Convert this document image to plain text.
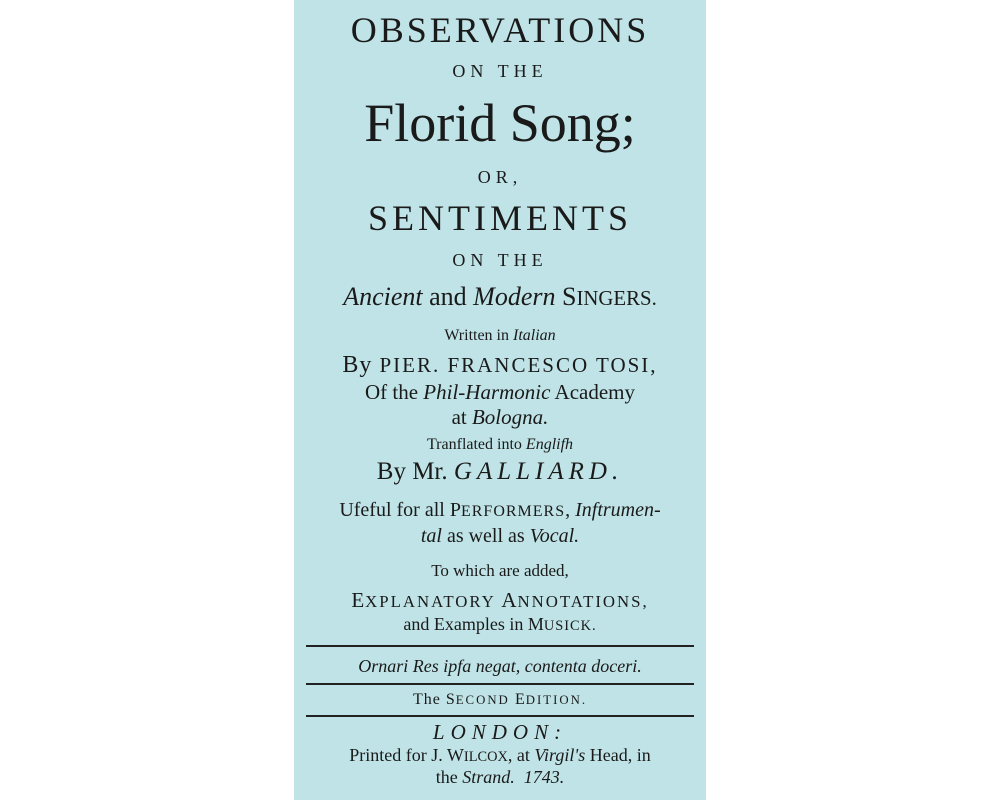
OBSERVATIONS
ON THE
Florid Song;
OR,
SENTIMENTS
ON THE
Ancient and Modern SINGERS.
Written in Italian
By PIER. FRANCESCO TOSI,
Of the Phil-Harmonic Academy
at Bologna.
Tranflated into Englifh
By Mr. GALLIARD.
Ufeful for all PERFORMERS, Inftrumen-
tal as well as Vocal.
To which are added,
EXPLANATORY ANNOTATIONS,
and Examples in MUSICK.
Ornari Res ipfa negat, contenta doceri.
The SECOND EDITION.
LONDON:
Printed for J. WILCOX, at Virgil's Head, in
the Strand.  1743.
